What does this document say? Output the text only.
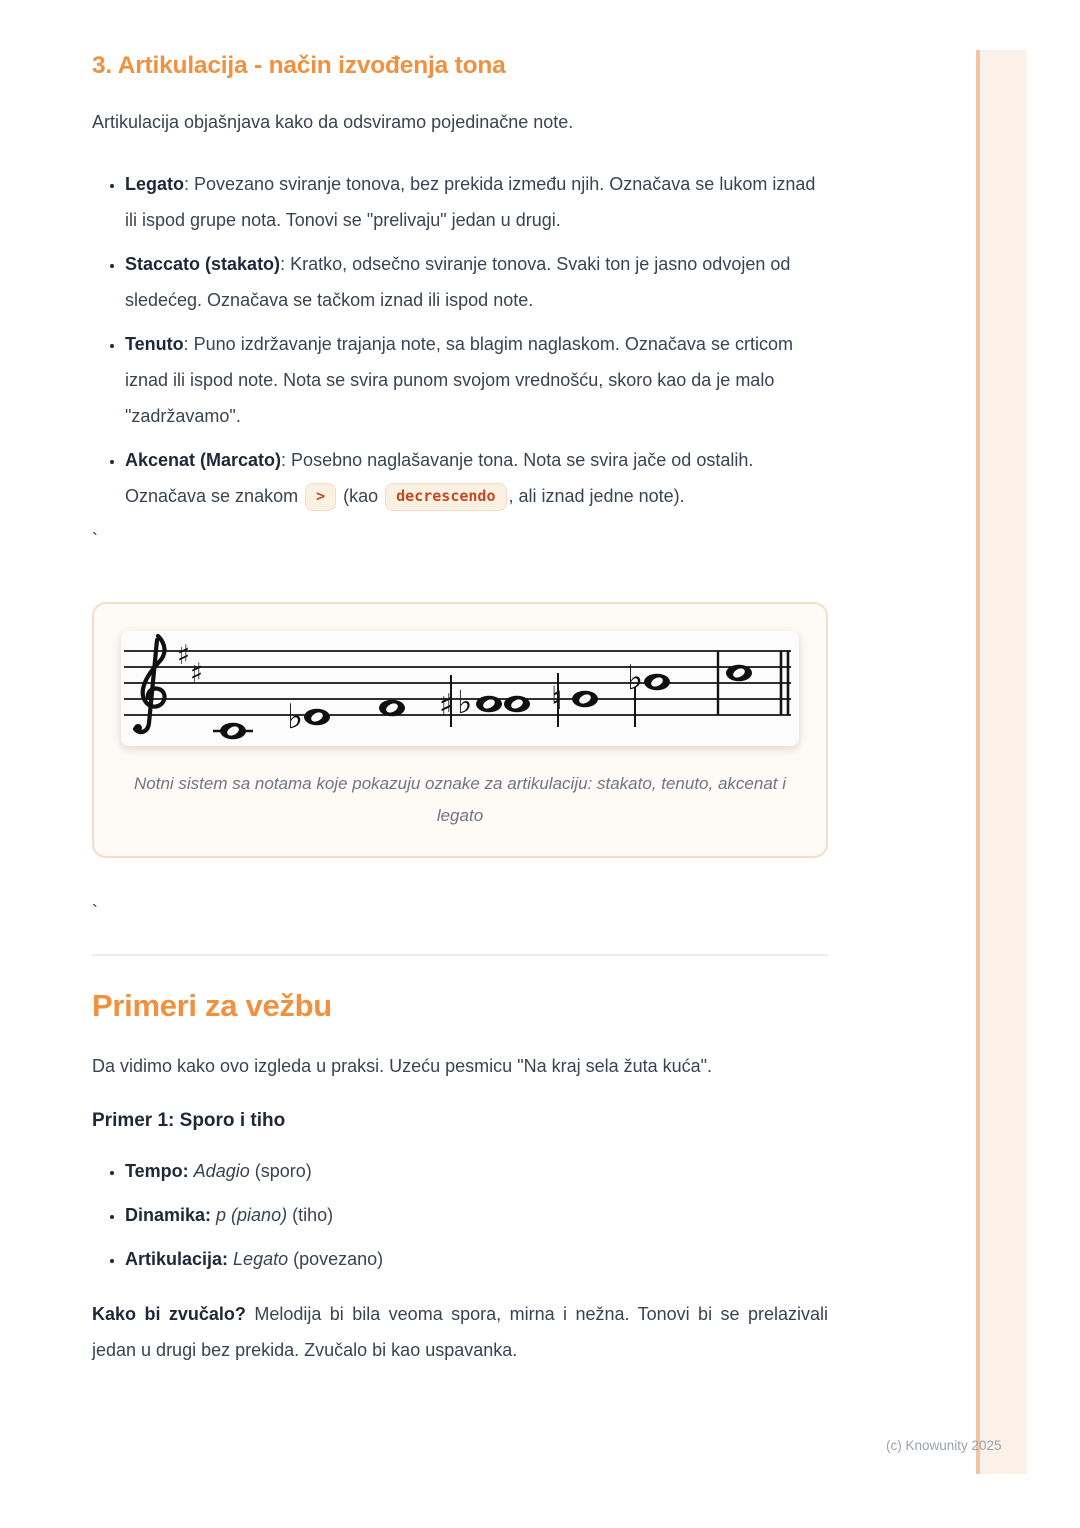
3. Artikulacija - način izvođenja tona

Artikulacija objašnjava kako da odsviramo pojedinačne note.

• Legato: Povezano sviranje tonova, bez prekida između njih. Označava se lukom iznad ili ispod grupe nota. Tonovi se "prelivaju" jedan u drugi.
• Staccato (stakato): Kratko, odsečno sviranje tonova. Svaki ton je jasno odvojen od sledećeg. Označava se tačkom iznad ili ispod note.
• Tenuto: Puno izdržavanje trajanja note, sa blagim naglaskom. Označava se crticom iznad ili ispod note. Nota se svira punom svojom vrednošću, skoro kao da je malo "zadržavamo".
• Akcenat (Marcato): Posebno naglašavanje tona. Nota se svira jače od ostalih. Označava se znakom > (kao decrescendo , ali iznad jedne note).

`

♯
♯
♭	♯ ♭ ♮ ♭
Notni sistem sa notama koje pokazuju oznake za artikulaciju: stakato, tenuto, akcenat i legato

`

Primeri za vežbu

Da vidimo kako ovo izgleda u praksi. Uzeću pesmicu "Na kraj sela žuta kuća".

Primer 1: Sporo i tiho

• Tempo: Adagio (sporo)
• Dinamika: p (piano) (tiho)
• Artikulacija: Legato (povezano)

Kako bi zvučalo? Melodija bi bila veoma spora, mirna i nežna. Tonovi bi se prelazivali jedan u drugi bez prekida. Zvučalo bi kao uspavanka.

(c) Knowunity 2025
